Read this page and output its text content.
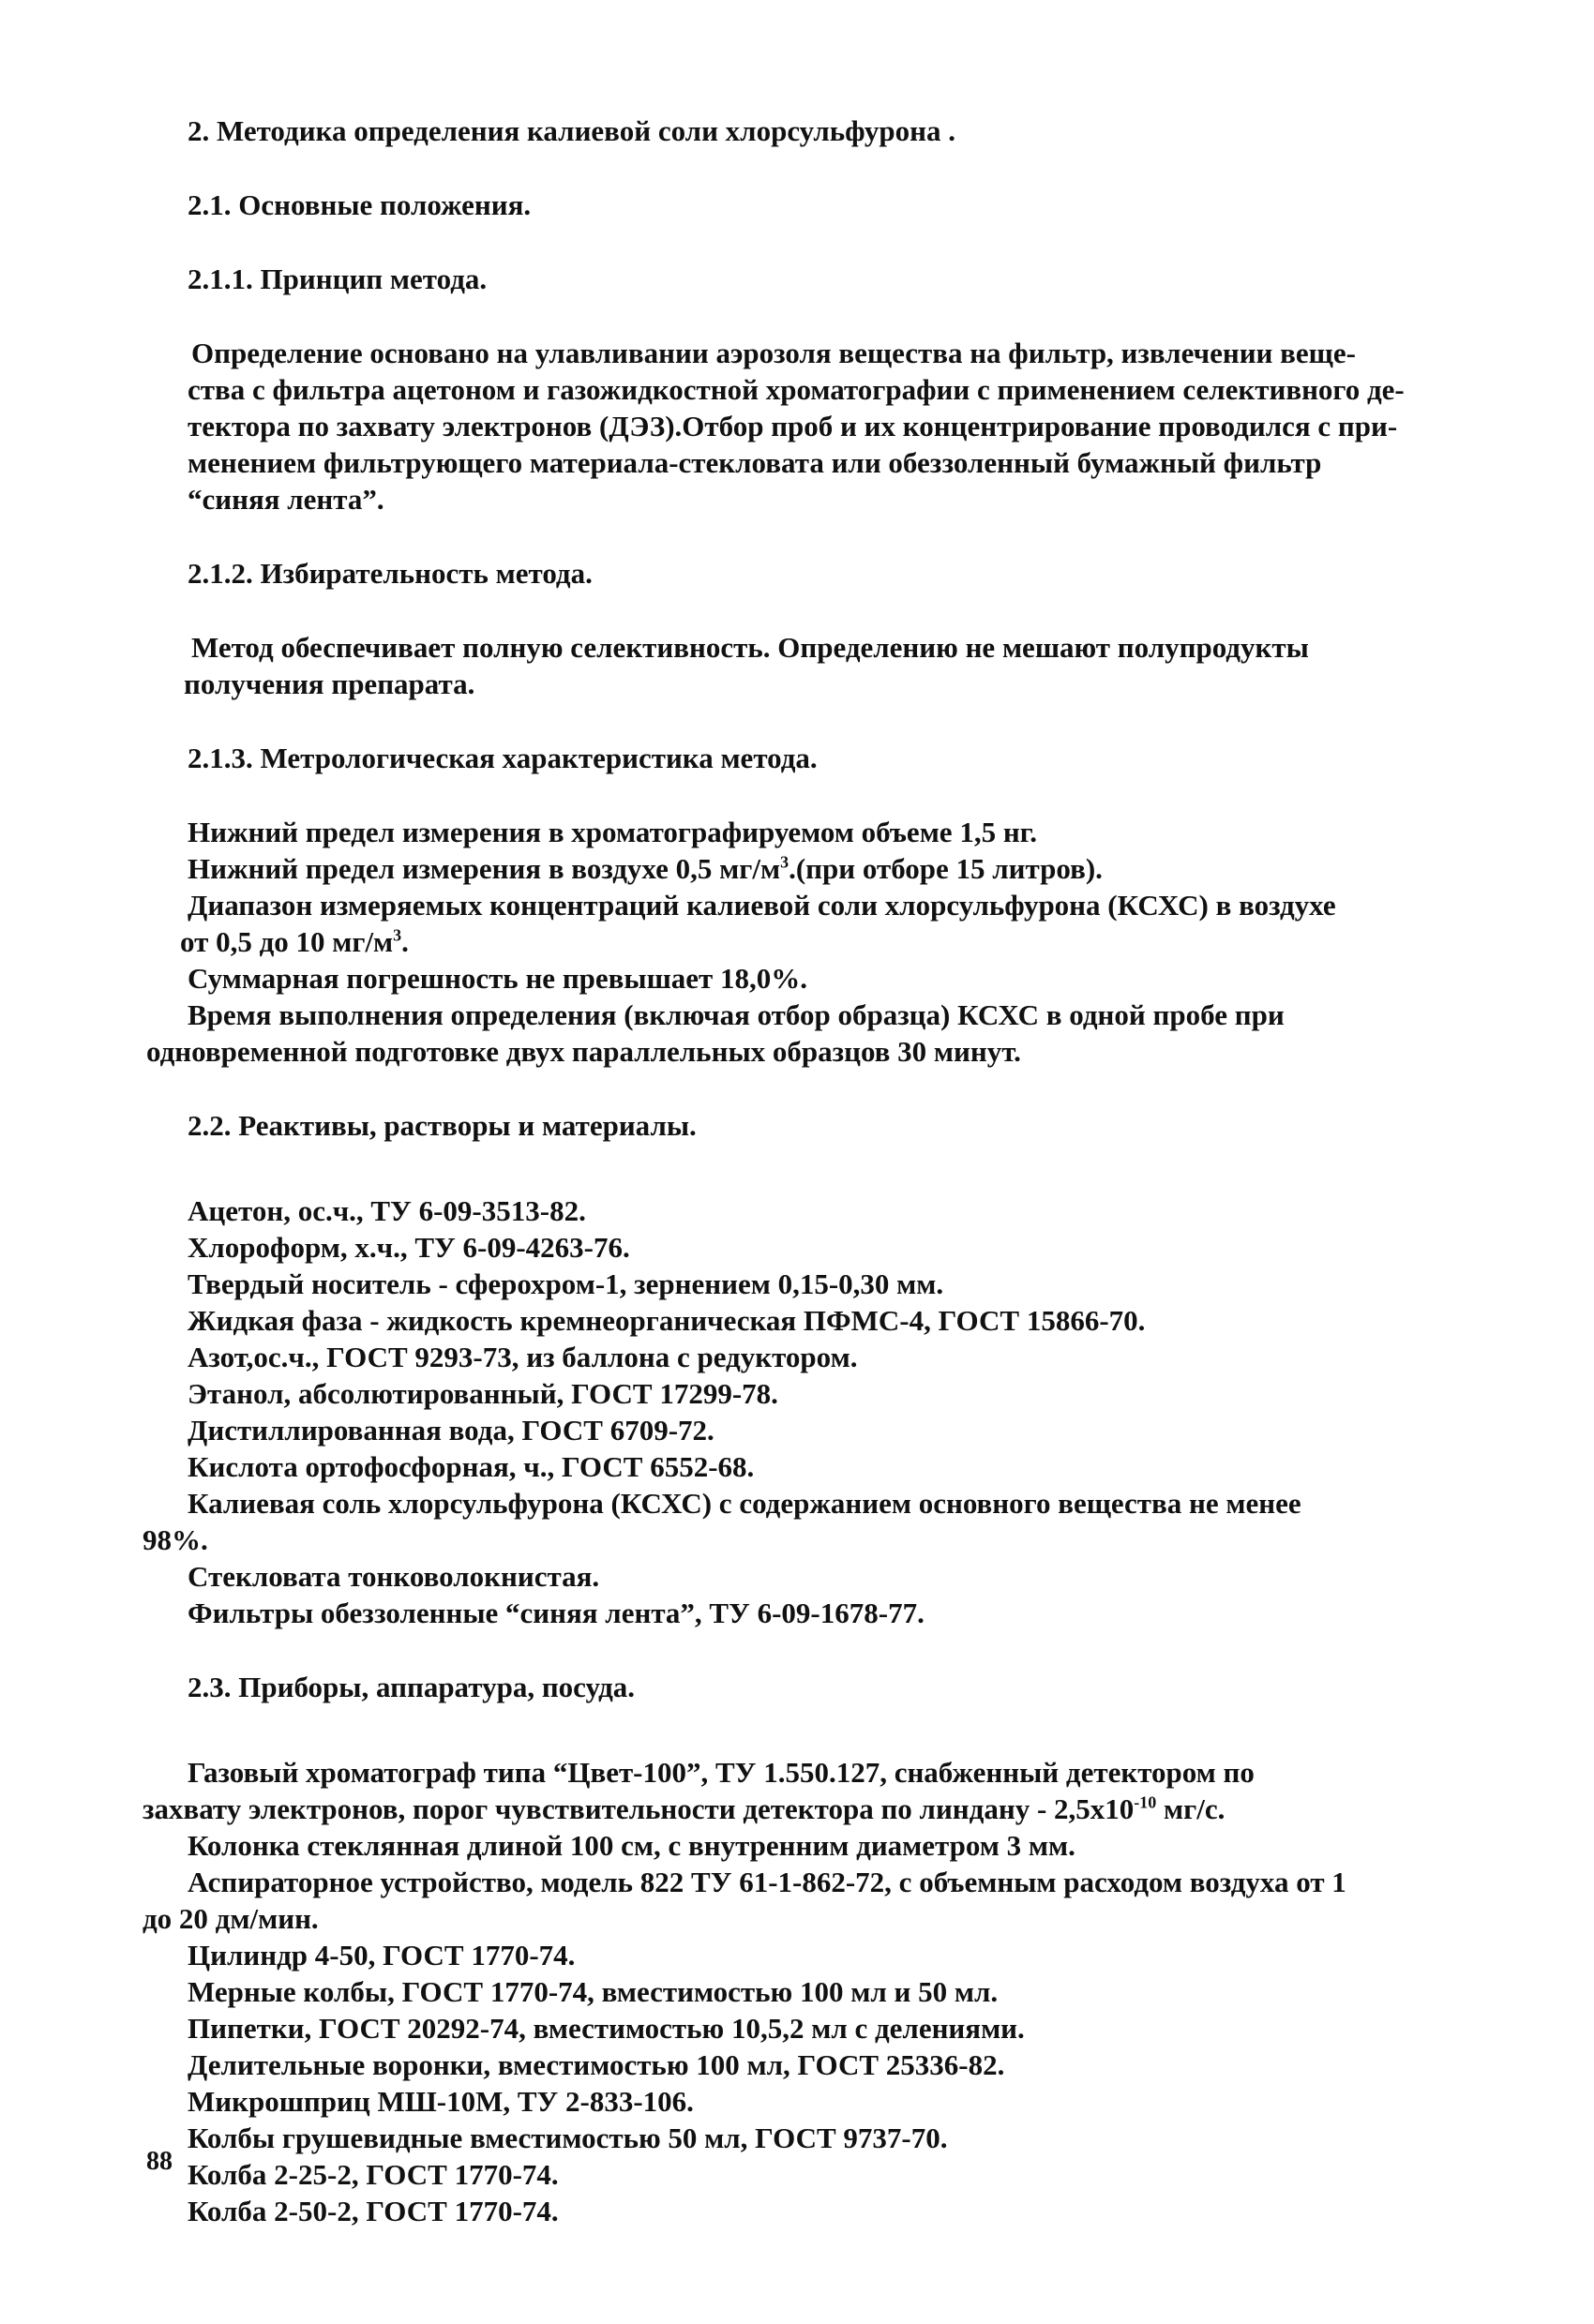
2. Методика определения калиевой соли хлорсульфурона .
2.1. Основные положения.
2.1.1. Принцип метода.
Определение основано на улавливании аэрозоля вещества на фильтр, извлечении веще-
ства с фильтра ацетоном и газожидкостной хроматографии с применением селективного де-
тектора по захвату электронов (ДЭЗ).Отбор проб и их концентрирование проводился с при-
менением фильтрующего материала-стекловата или обеззоленный бумажный фильтр
“синяя лента”.
2.1.2. Избирательность метода.
Метод обеспечивает полную селективность. Определению не мешают полупродукты
получения препарата.
2.1.3. Метрологическая характеристика метода.
Нижний предел измерения в хроматографируемом объеме 1,5 нг.
Нижний предел измерения в воздухе 0,5 $мг/м^3.(при$ отборе 15 литров).
Диапазон измеряемых концентраций калиевой соли хлорсульфурона (КСХС) в воздухе
от 0,5 до 10 $мг/м^3$.
Суммарная погрешность не превышает 18,0%.
Время выполнения определения (включая отбор образца) КСХС в одной пробе при
одновременной подготовке двух параллельных образцов 30 минут.
2.2. Реактивы, растворы и материалы.
Ацетон, ос.ч., ТУ 6-09-3513-82.
Хлороформ, х.ч., ТУ 6-09-4263-76.
Твердый носитель - сферохром-1, зернением 0,15-0,30 мм.
Жидкая фаза - жидкость кремнеорганическая ПФМС-4, ГОСТ 15866-70.
Азот,ос.ч., ГОСТ 9293-73, из баллона с редуктором.
Этанол, абсолютированный, ГОСТ 17299-78.
Дистиллированная вода, ГОСТ 6709-72.
Кислота ортофосфорная, ч., ГОСТ 6552-68.
Калиевая соль хлорсульфурона (КСХС) с содержанием основного вещества не менее
98%.
Стекловата тонковолокнистая.
Фильтры обеззоленные “синяя лента”, ТУ 6-09-1678-77.
2.3. Приборы, аппаратура, посуда.
Газовый хроматограф типа “Цвет-100”, ТУ 1.550.127, снабженный детектором по
захвату электронов, порог чувствительности детектора по линдану - $2,5х10^{-10}$ мг/с.
Колонка стеклянная длиной 100 см, с внутренним диаметром 3 мм.
Аспираторное устройство, модель 822 ТУ 61-1-862-72, с объемным расходом воздуха от 1
до 20 дм/мин.
Цилиндр 4-50, ГОСТ 1770-74.
Мерные колбы, ГОСТ 1770-74, вместимостью 100 мл и 50 мл.
Пипетки, ГОСТ 20292-74, вместимостью 10,5,2 мл с делениями.
Делительные воронки, вместимостью 100 мл, ГОСТ 25336-82.
Микрошприц МШ-10М, ТУ 2-833-106.
Колбы грушевидные вместимостью 50 мл, ГОСТ 9737-70.
Колба 2-25-2, ГОСТ 1770-74.
Колба 2-50-2, ГОСТ 1770-74.
88
